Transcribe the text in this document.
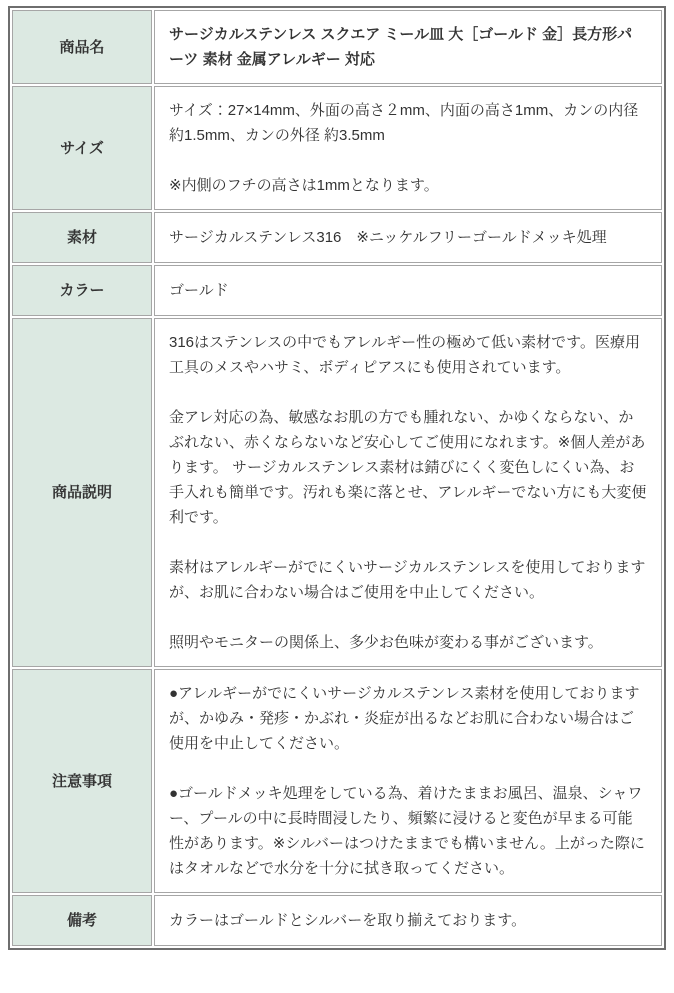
商品名	サージカルステンレス スクエア ミール皿 大［ゴールド 金］長方形パーツ 素材 金属アレルギー 対応

サイズ	サイズ：27×14mm、外面の高さ２mm、内面の高さ1mm、カンの内径 約1.5mm、カンの外径 約3.5mm

※内側のフチの高さは1mmとなります。

素材	サージカルステンレス316　※ニッケルフリーゴールドメッキ処理

カラー	ゴールド

商品説明	316はステンレスの中でもアレルギー性の極めて低い素材です。医療用工具のメスやハサミ、ボディピアスにも使用されています。

金アレ対応の為、敏感なお肌の方でも腫れない、かゆくならない、かぶれない、赤くならないなど安心してご使用になれます。※個人差があります。 サージカルステンレス素材は錆びにくく変色しにくい為、お手入れも簡単です。汚れも楽に落とせ、アレルギーでない方にも大変便利です。

素材はアレルギーがでにくいサージカルステンレスを使用しておりますが、お肌に合わない場合はご使用を中止してください。

照明やモニターの関係上、多少お色味が変わる事がございます。

注意事項	●アレルギーがでにくいサージカルステンレス素材を使用しておりますが、かゆみ・発疹・かぶれ・炎症が出るなどお肌に合わない場合はご使用を中止してください。

●ゴールドメッキ処理をしている為、着けたままお風呂、温泉、シャワー、プールの中に長時間浸したり、頻繁に浸けると変色が早まる可能性があります。※シルバーはつけたままでも構いません。上がった際にはタオルなどで水分を十分に拭き取ってください。

備考	カラーはゴールドとシルバーを取り揃えております。
